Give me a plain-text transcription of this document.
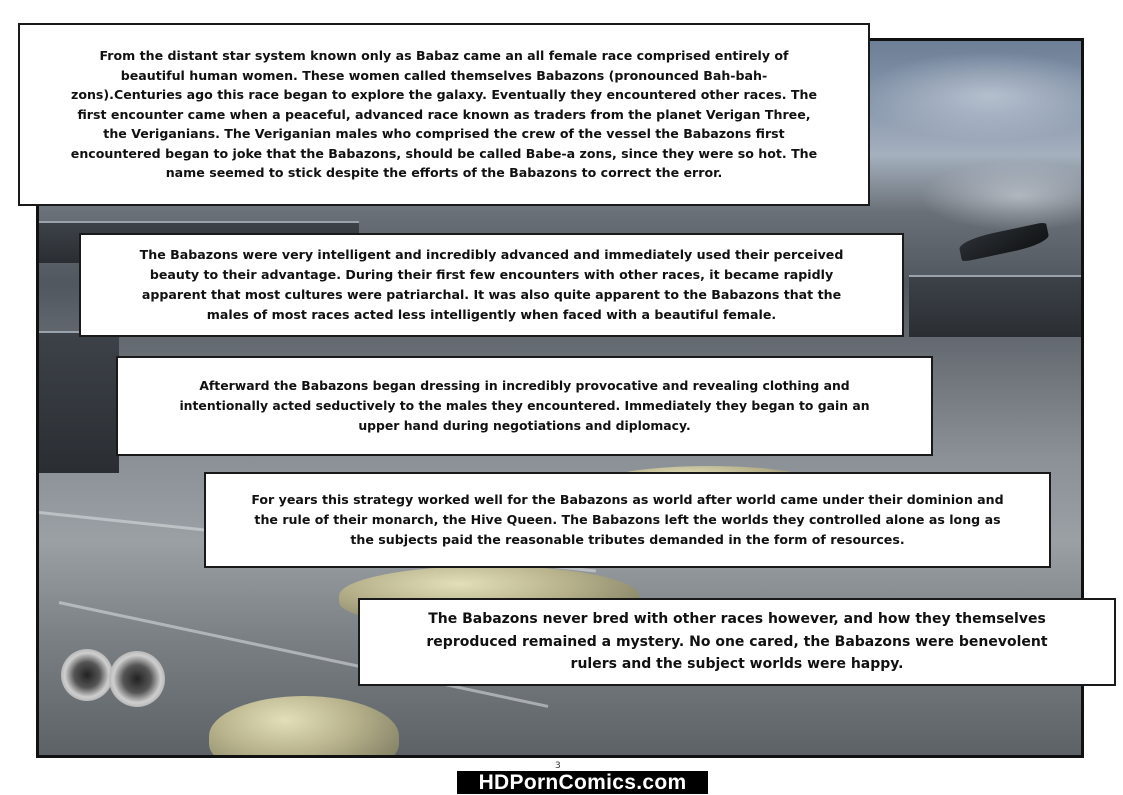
From the distant star system known only as Babaz came an all female race comprised entirely of beautiful human women. These women called themselves Babazons (pronounced Bah-bah-zons).Centuries ago this race began to explore the galaxy. Eventually they encountered other races. The first encounter came when a peaceful, advanced race known as traders from the planet Verigan Three, the Veriganians. The Veriganian males who comprised the crew of the vessel the Babazons first encountered began to joke that the Babazons, should be called Babe-a zons, since they were so hot. The name seemed to stick despite the efforts of the Babazons to correct the error.

The Babazons were very intelligent and incredibly advanced and immediately used their perceived beauty to their advantage. During their first few encounters with other races, it became rapidly apparent that most cultures were patriarchal. It was also quite apparent to the Babazons that the males of most races acted less intelligently when faced with a beautiful female.

Afterward the Babazons began dressing in incredibly provocative and revealing clothing and intentionally acted seductively to the males they encountered. Immediately they began to gain an upper hand during negotiations and diplomacy.

For years this strategy worked well for the Babazons as world after world came under their dominion and the rule of their monarch, the Hive Queen. The Babazons left the worlds they controlled alone as long as the subjects paid the reasonable tributes demanded in the form of resources.

The Babazons never bred with other races however, and how they themselves reproduced remained a mystery. No one cared, the Babazons were benevolent rulers and the subject worlds were happy.

3
HDPornComics.com
